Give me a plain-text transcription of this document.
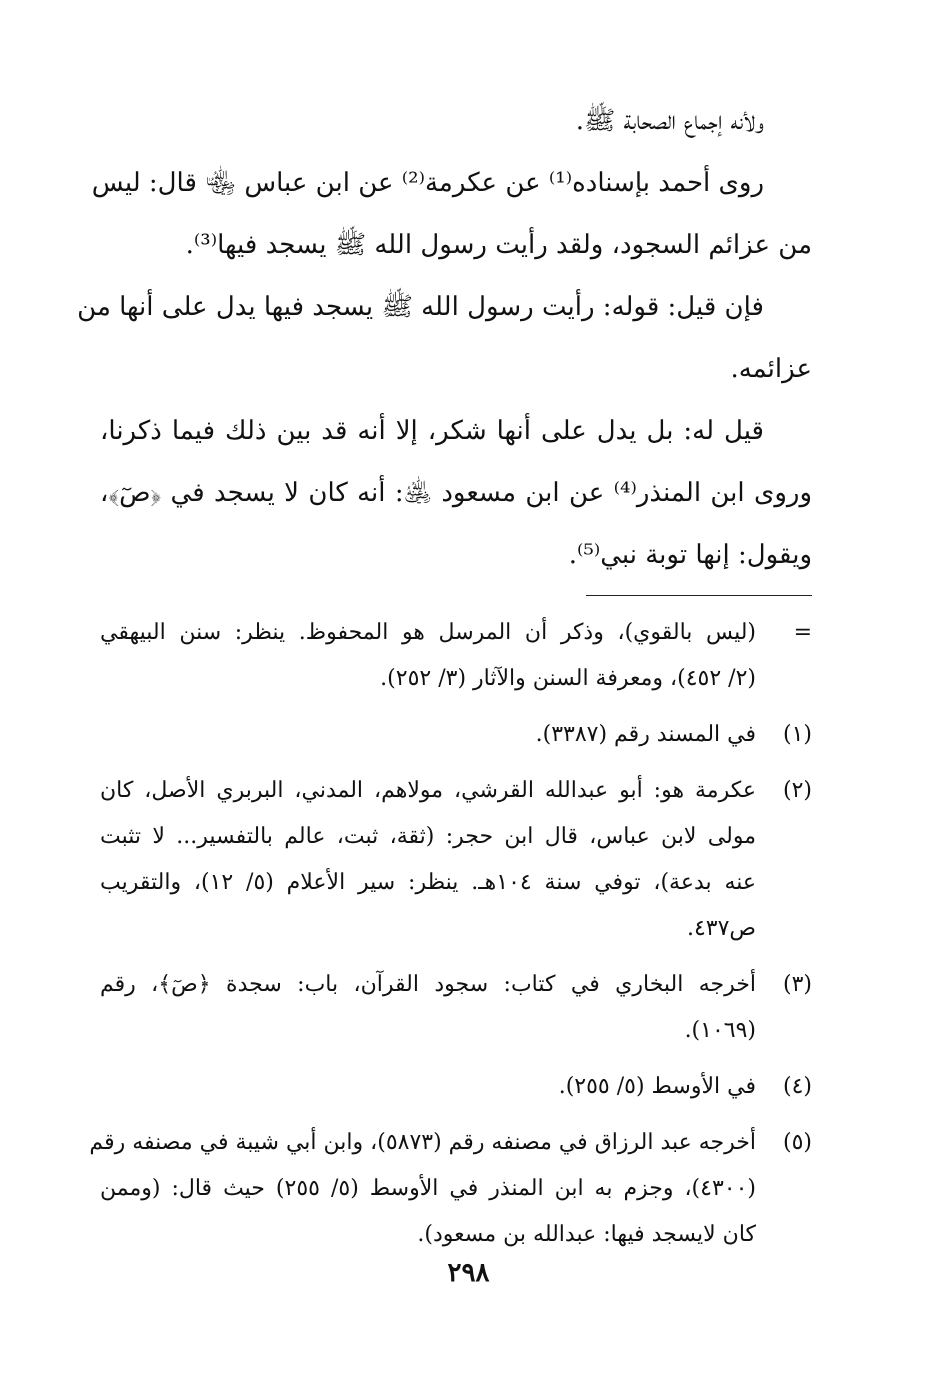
ولأنه إجماع الصحابة ﷺ.

روى أحمد بإسناده⁽¹⁾ عن عكرمة⁽²⁾ عن ابن عباس ﵄ قال: ليس
من عزائم السجود، ولقد رأيت رسول الله ﷺ يسجد فيها⁽³⁾.

فإن قيل: قوله: رأيت رسول الله ﷺ يسجد فيها يدل على أنها من
عزائمه.

قيل له: بل يدل على أنها شكر، إلا أنه قد بين ذلك فيما ذكرنا،
وروى ابن المنذر⁽⁴⁾ عن ابن مسعود ﵁: أنه كان لا يسجد في ﴿صٓ﴾،
ويقول: إنها توبة نبي⁽⁵⁾.

=
(ليس بالقوي)، وذكر أن المرسل هو المحفوظ. ينظر: سنن البيهقي
(٢/ ٤٥٢)، ومعرفة السنن والآثار (٣/ ٢٥٢).
(١)
في المسند رقم (٣٣٨٧).
(٢)
عكرمة هو: أبو عبدالله القرشي، مولاهم، المدني، البربري الأصل، كان
مولى لابن عباس، قال ابن حجر: (ثقة، ثبت، عالم بالتفسير... لا تثبت
عنه بدعة)، توفي سنة ١٠٤هـ. ينظر: سير الأعلام (٥/ ١٢)، والتقريب
ص٤٣٧.
(٣)
أخرجه البخاري في كتاب: سجود القرآن، باب: سجدة ﴿صٓ﴾، رقم
(١٠٦٩).
(٤)
في الأوسط (٥/ ٢٥٥).
(٥)
أخرجه عبد الرزاق في مصنفه رقم (٥٨٧٣)، وابن أبي شيبة في مصنفه رقم
(٤٣٠٠)، وجزم به ابن المنذر في الأوسط (٥/ ٢٥٥) حيث قال: (وممن
كان لايسجد فيها: عبدالله بن مسعود).
٢٩٨
